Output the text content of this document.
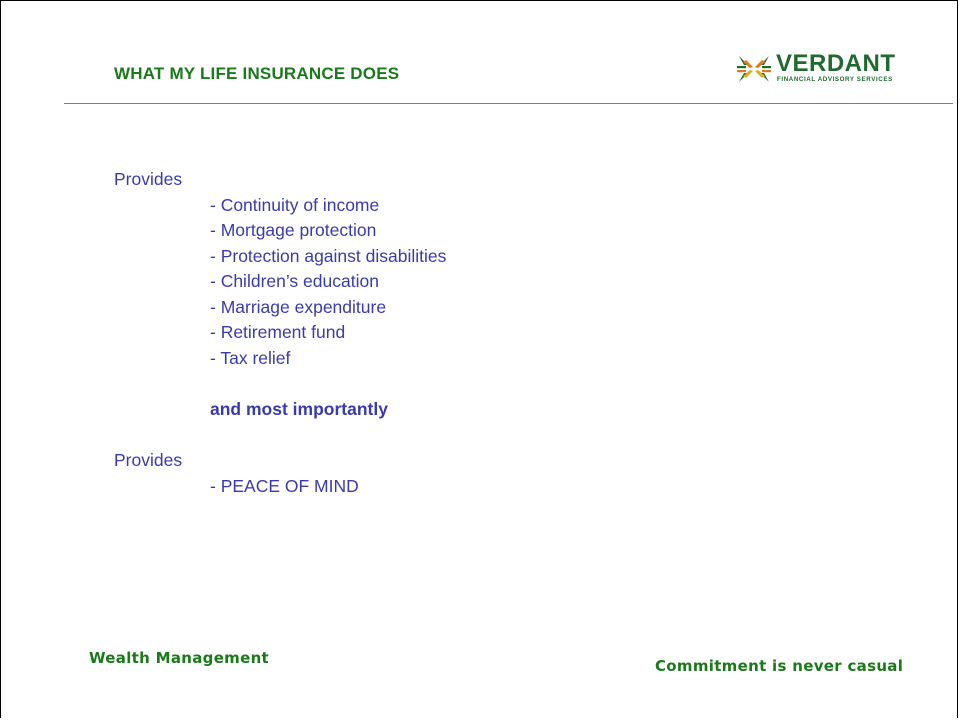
WHAT MY LIFE INSURANCE DOES	VERDANT
FINANCIAL ADVISORY SERVICES
Provides
- Continuity of income
- Mortgage protection
- Protection against disabilities
- Children’s education
- Marriage expenditure
- Retirement fund
- Tax relief
and most importantly
Provides
- PEACE OF MIND
Wealth Management	Commitment is never casual
